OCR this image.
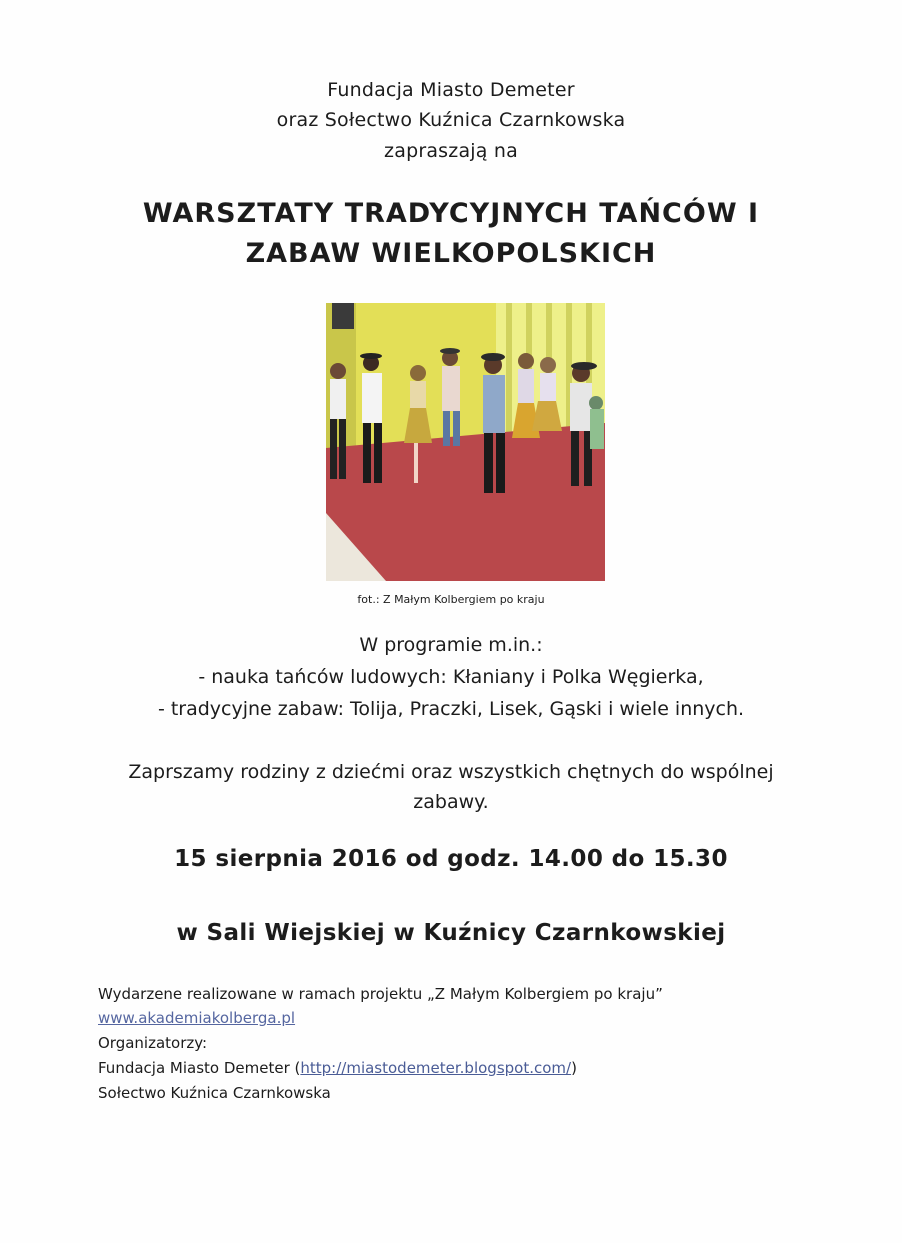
Fundacja Miasto Demeter
oraz Sołectwo Kuźnica Czarnkowska
zapraszają na
WARSZTATY TRADYCYJNYCH TAŃCÓW I
ZABAW WIELKOPOLSKICH
fot.: Z Małym Kolbergiem po kraju
W programie m.in.:
- nauka tańców ludowych: Kłaniany i Polka Węgierka,
- tradycyjne zabaw: Tolija, Praczki, Lisek, Gąski i wiele innych.
Zaprszamy rodziny z dziećmi oraz wszystkich chętnych do wspólnej
zabawy.
15 sierpnia 2016 od godz. 14.00 do 15.30
w Sali Wiejskiej w Kuźnicy Czarnkowskiej
Wydarzene realizowane w ramach projektu „Z Małym Kolbergiem po kraju”
www.akademiakolberga.pl
Organizatorzy:
Fundacja Miasto Demeter (http://miastodemeter.blogspot.com/)
Sołectwo Kuźnica Czarnkowska
